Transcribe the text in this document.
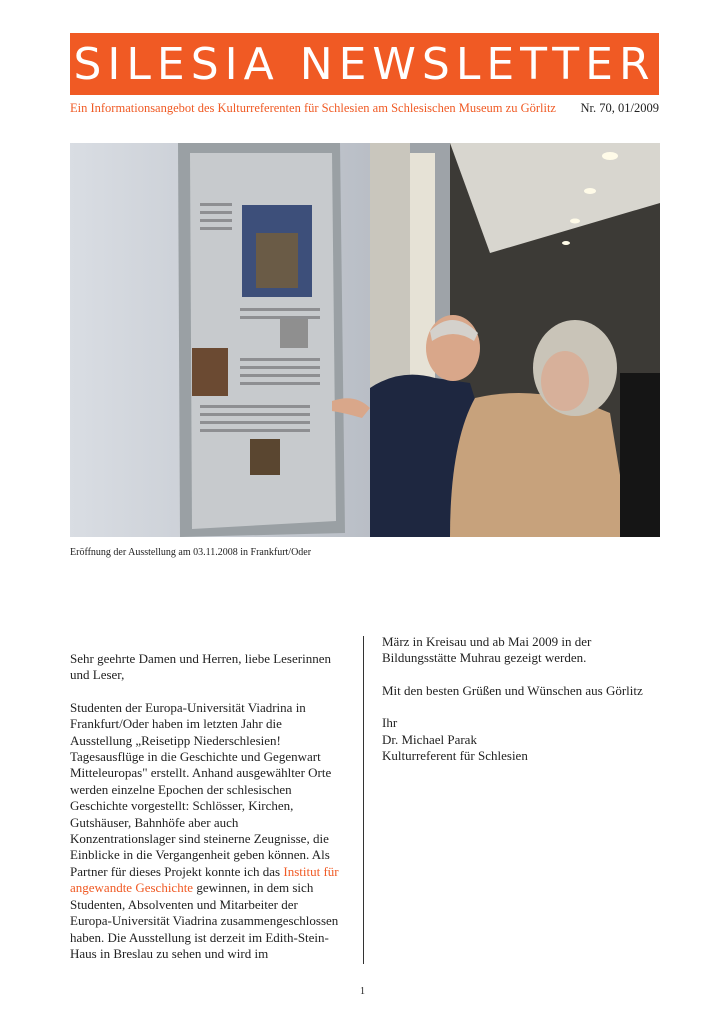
SILESIA NEWSLETTER
Ein Informationsangebot des Kulturreferenten für Schlesien am Schlesischen Museum zu Görlitz Nr. 70, 01/2009
Eröffnung der Ausstellung am 03.11.2008 in Frankfurt/Oder

Sehr geehrte Damen und Herren, liebe Leserinnen und Leser,

Studenten der Europa-Universität Viadrina in Frankfurt/Oder haben im letzten Jahr die Ausstellung „Reisetipp Niederschlesien! Tagesausflüge in die Geschichte und Gegenwart Mitteleuropas" erstellt. Anhand ausgewählter Orte werden einzelne Epochen der schlesischen Geschichte vorgestellt: Schlösser, Kirchen, Gutshäuser, Bahnhöfe aber auch Konzentrationslager sind steinerne Zeugnisse, die Einblicke in die Vergangenheit geben können. Als Partner für dieses Projekt konnte ich das Institut für angewandte Geschichte gewinnen, in dem sich Studenten, Absolventen und Mitarbeiter der Europa-Universität Viadrina zusammengeschlossen haben. Die Ausstellung ist derzeit im Edith-Stein-Haus in Breslau zu sehen und wird im

März in Kreisau und ab Mai 2009 in der Bildungsstätte Muhrau gezeigt werden.

Mit den besten Grüßen und Wünschen aus Görlitz

Ihr
Dr. Michael Parak
Kulturreferent für Schlesien
1
